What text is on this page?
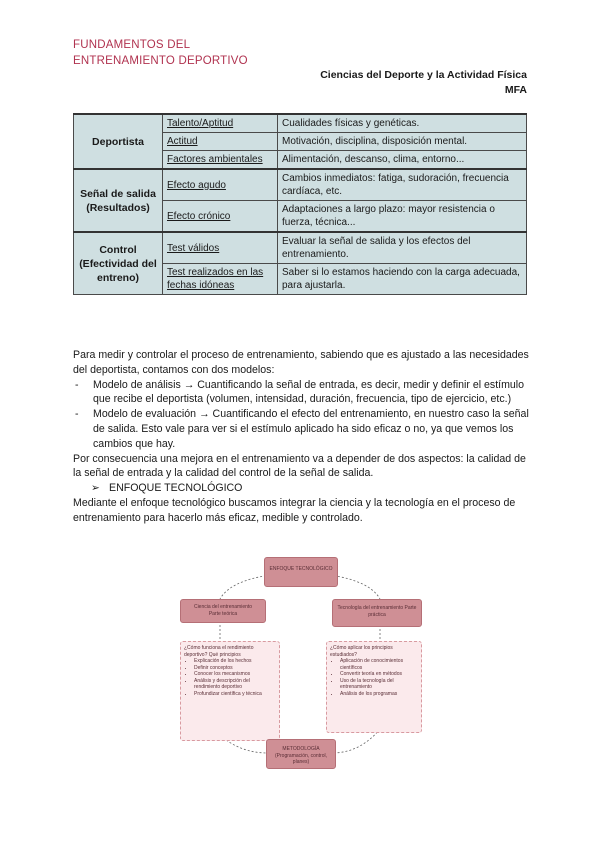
FUNDAMENTOS DEL
ENTRENAMIENTO DEPORTIVO
Ciencias del Deporte y la Actividad Física
MFA
Deportista	Talento/Aptitud	Cualidades físicas y genéticas.
	Actitud	Motivación, disciplina, disposición mental.
	Factores ambientales	Alimentación, descanso, clima, entorno...
Señal de salida (Resultados)	Efecto agudo	Cambios inmediatos: fatiga, sudoración, frecuencia cardíaca, etc.
	Efecto crónico	Adaptaciones a largo plazo: mayor resistencia o fuerza, técnica...
Control (Efectividad del entreno)	Test válidos	Evaluar la señal de salida y los efectos del entrenamiento.
	Test realizados en las fechas idóneas	Saber si lo estamos haciendo con la carga adecuada, para ajustarla.

Para medir y controlar el proceso de entrenamiento, sabiendo que es ajustado a las necesidades del deportista, contamos con dos modelos:

- Modelo de análisis → Cuantificando la señal de entrada, es decir, medir y definir el estímulo que recibe el deportista (volumen, intensidad, duración, frecuencia, tipo de ejercicio, etc.)
- Modelo de evaluación → Cuantificando el efecto del entrenamiento, en nuestro caso la señal de salida. Esto vale para ver si el estímulo aplicado ha sido eficaz o no, ya que vemos los cambios que hay.

Por consecuencia una mejora en el entrenamiento va a depender de dos aspectos: la calidad de la señal de entrada y la calidad del control de la señal de salida.

➢ ENFOQUE TECNOLÓGICO

Mediante el enfoque tecnológico buscamos integrar la ciencia y la tecnología en el proceso de entrenamiento para hacerlo más eficaz, medible y controlado.

ENFOQUE TECNOLÓGICO
Ciencia del entrenamiento
Parte teórica
Tecnología del entrenamiento Parte
práctica
¿Cómo funciona el rendimiento deportivo? Qué principios
• Explicación de los hechos
• Definir conceptos
• Conocer los mecanismos
• Análisis y descripción del rendimiento deportivo
• Profundizar científica y técnica
¿Cómo aplicar los principios estudiados?
• Aplicación de conocimientos científicos
• Convertir teoría en métodos
• Uso de la tecnología del entrenamiento
• Análisis de los programas
METODOLOGÍA
(Programación, control, planes)
